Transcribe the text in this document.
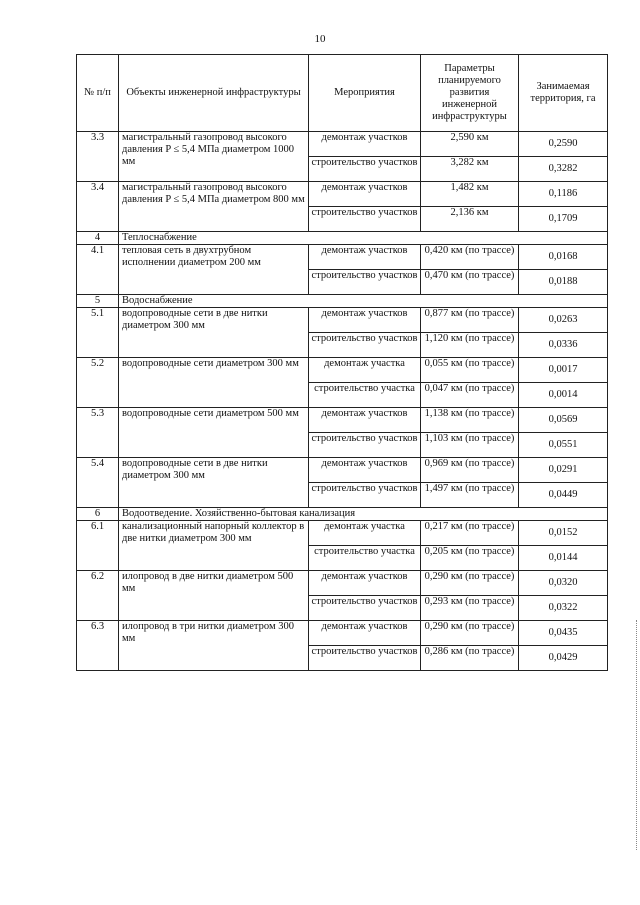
10
№ п/п	Объекты инженерной инфраструктуры	Мероприятия	Параметры планируемого развития инженерной инфраструктуры	Занимаемая территория, га
3.3	магистральный газопровод высокого давления P ≤ 5,4 МПа диаметром 1000 мм	демонтаж участков	2,590 км	0,2590
		строительство участков	3,282 км	0,3282
3.4	магистральный газопровод высокого давления P ≤ 5,4 МПа диаметром 800 мм	демонтаж участков	1,482 км	0,1186
		строительство участков	2,136 км	0,1709
4	Теплоснабжение			
4.1	тепловая сеть в двухтрубном исполнении диаметром 200 мм	демонтаж участков	0,420 км (по трассе)	0,0168
		строительство участков	0,470 км (по трассе)	0,0188
5	Водоснабжение			
5.1	водопроводные сети в две нитки диаметром 300 мм	демонтаж участков	0,877 км (по трассе)	0,0263
		строительство участков	1,120 км (по трассе)	0,0336
5.2	водопроводные сети диаметром 300 мм	демонтаж участка	0,055 км (по трассе)	0,0017
		строительство участка	0,047 км (по трассе)	0,0014
5.3	водопроводные сети диаметром 500 мм	демонтаж участков	1,138 км (по трассе)	0,0569
		строительство участков	1,103 км (по трассе)	0,0551
5.4	водопроводные сети в две нитки диаметром 300 мм	демонтаж участков	0,969 км (по трассе)	0,0291
		строительство участков	1,497 км (по трассе)	0,0449
6	Водоотведение. Хозяйственно-бытовая канализация			
6.1	канализационный напорный коллектор в две нитки диаметром 300 мм	демонтаж участка	0,217 км (по трассе)	0,0152
		строительство участка	0,205 км (по трассе)	0,0144
6.2	илопровод в две нитки диаметром 500 мм	демонтаж участков	0,290 км (по трассе)	0,0320
		строительство участков	0,293 км (по трассе)	0,0322
6.3	илопровод в три нитки диаметром 300 мм	демонтаж участков	0,290 км (по трассе)	0,0435
		строительство участков	0,286 км (по трассе)	0,0429
